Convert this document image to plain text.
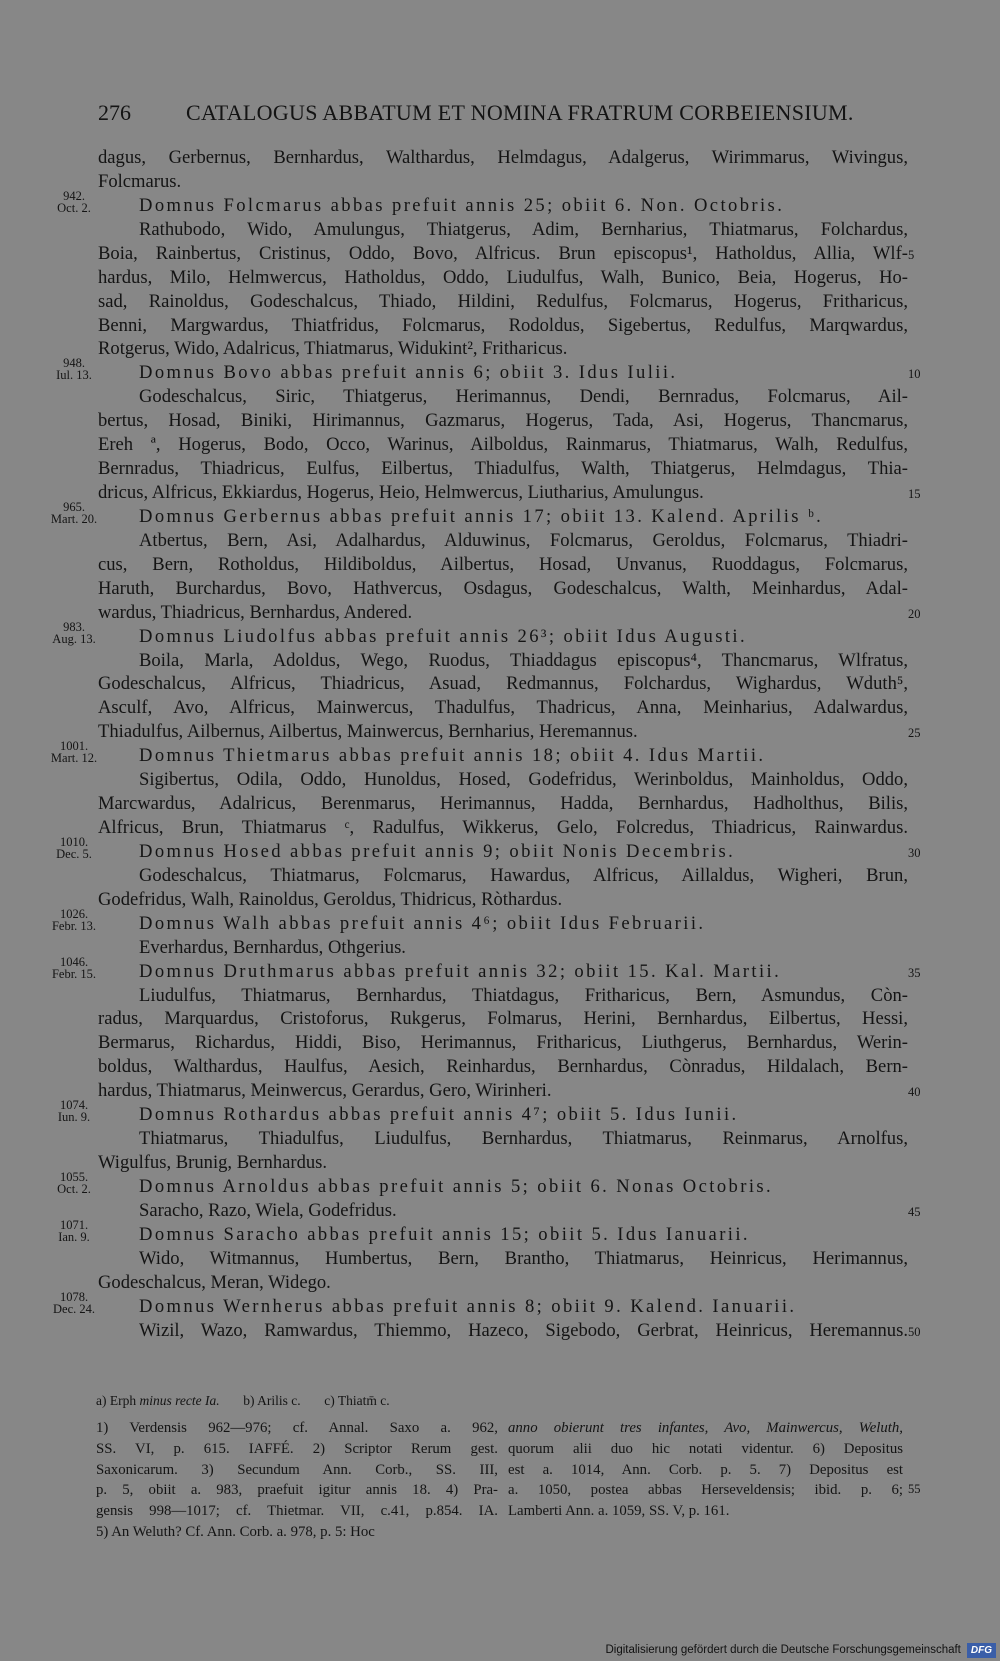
276	CATALOGUS ABBATUM ET NOMINA FRATRUM CORBEIENSIUM.
dagus, Gerbernus, Bernhardus, Walthardus, Helmdagus, Adalgerus, Wirimmarus, Wivingus,
Folcmarus.
Domnus Folcmarus abbas prefuit annis 25; obiit 6. Non. Octobris.
Rathubodo, Wido, Amulungus, Thiatgerus, Adim, Bernharius, Thiatmarus, Folchardus,
Boia, Rainbertus, Cristinus, Oddo, Bovo, Alfricus. Brun episcopus¹, Hatholdus, Allia, Wlf-
hardus, Milo, Helmwercus, Hatholdus, Oddo, Liudulfus, Walh, Bunico, Beia, Hogerus, Ho-
sad, Rainoldus, Godeschalcus, Thiado, Hildini, Redulfus, Folcmarus, Hogerus, Fritharicus,
Benni, Margwardus, Thiatfridus, Folcmarus, Rodoldus, Sigebertus, Redulfus, Marqwardus,
Rotgerus, Wido, Adalricus, Thiatmarus, Widukint², Fritharicus.
Domnus Bovo abbas prefuit annis 6; obiit 3. Idus Iulii.
Godeschalcus, Siric, Thiatgerus, Herimannus, Dendi, Bernradus, Folcmarus, Ail-
bertus, Hosad, Biniki, Hirimannus, Gazmarus, Hogerus, Tada, Asi, Hogerus, Thancmarus,
Ereh ª, Hogerus, Bodo, Occo, Warinus, Ailboldus, Rainmarus, Thiatmarus, Walh, Redulfus,
Bernradus, Thiadricus, Eulfus, Eilbertus, Thiadulfus, Walth, Thiatgerus, Helmdagus, Thia-
dricus, Alfricus, Ekkiardus, Hogerus, Heio, Helmwercus, Liutharius, Amulungus.
Domnus Gerbernus abbas prefuit annis 17; obiit 13. Kalend. Aprilis ᵇ.
Atbertus, Bern, Asi, Adalhardus, Alduwinus, Folcmarus, Geroldus, Folcmarus, Thiadri-
cus, Bern, Rotholdus, Hildiboldus, Ailbertus, Hosad, Unvanus, Ruoddagus, Folcmarus,
Haruth, Burchardus, Bovo, Hathvercus, Osdagus, Godeschalcus, Walth, Meinhardus, Adal-
wardus, Thiadricus, Bernhardus, Andered.
Domnus Liudolfus abbas prefuit annis 26³; obiit Idus Augusti.
Boila, Marla, Adoldus, Wego, Ruodus, Thiaddagus episcopus⁴, Thancmarus, Wlfratus,
Godeschalcus, Alfricus, Thiadricus, Asuad, Redmannus, Folchardus, Wighardus, Wduth⁵,
Asculf, Avo, Alfricus, Mainwercus, Thadulfus, Thadricus, Anna, Meinharius, Adalwardus,
Thiadulfus, Ailbernus, Ailbertus, Mainwercus, Bernharius, Heremannus.
Domnus Thietmarus abbas prefuit annis 18; obiit 4. Idus Martii.
Sigibertus, Odila, Oddo, Hunoldus, Hosed, Godefridus, Werinboldus, Mainholdus, Oddo,
Marcwardus, Adalricus, Berenmarus, Herimannus, Hadda, Bernhardus, Hadholthus, Bilis,
Alfricus, Brun, Thiatmarus ᶜ, Radulfus, Wikkerus, Gelo, Folcredus, Thiadricus, Rainwardus.
Domnus Hosed abbas prefuit annis 9; obiit Nonis Decembris.
Godeschalcus, Thiatmarus, Folcmarus, Hawardus, Alfricus, Aillaldus, Wigheri, Brun,
Godefridus, Walh, Rainoldus, Geroldus, Thidricus, Ròthardus.
Domnus Walh abbas prefuit annis 4⁶; obiit Idus Februarii.
Everhardus, Bernhardus, Othgerius.
Domnus Druthmarus abbas prefuit annis 32; obiit 15. Kal. Martii.
Liudulfus, Thiatmarus, Bernhardus, Thiatdagus, Fritharicus, Bern, Asmundus, Còn-
radus, Marquardus, Cristoforus, Rukgerus, Folmarus, Herini, Bernhardus, Eilbertus, Hessi,
Bermarus, Richardus, Hiddi, Biso, Herimannus, Fritharicus, Liuthgerus, Bernhardus, Werin-
boldus, Walthardus, Haulfus, Aesich, Reinhardus, Bernhardus, Cònradus, Hildalach, Bern-
hardus, Thiatmarus, Meinwercus, Gerardus, Gero, Wirinheri.
Domnus Rothardus abbas prefuit annis 4⁷; obiit 5. Idus Iunii.
Thiatmarus, Thiadulfus, Liudulfus, Bernhardus, Thiatmarus, Reinmarus, Arnolfus,
Wigulfus, Brunig, Bernhardus.
Domnus Arnoldus abbas prefuit annis 5; obiit 6. Nonas Octobris.
Saracho, Razo, Wiela, Godefridus.
Domnus Saracho abbas prefuit annis 15; obiit 5. Idus Ianuarii.
Wido, Witmannus, Humbertus, Bern, Brantho, Thiatmarus, Heinricus, Herimannus,
Godeschalcus, Meran, Widego.
Domnus Wernherus abbas prefuit annis 8; obiit 9. Kalend. Ianuarii.
Wizil, Wazo, Ramwardus, Thiemmo, Hazeco, Sigebodo, Gerbrat, Heinricus, Heremannus.
942.
Oct. 2.
948.
Iul. 13.
965.
Mart. 20.
983.
Aug. 13.
1001.
Mart. 12.
1010.
Dec. 5.
1026.
Febr. 13.
1046.
Febr. 15.
1074.
Iun. 9.
1055.
Oct. 2.
1071.
Ian. 9.
1078.
Dec. 24.
5
10
15
20
25
30
35
40
45
50
a) Erph minus recte Ia. b) Arilis c. c) Thiatm̄ c.
1) Verdensis 962—976; cf. Annal. Saxo a. 962,
SS. VI, p. 615. IAFFÉ. 2) Scriptor Rerum gest.
Saxonicarum. 3) Secundum Ann. Corb., SS. III,
p. 5, obiit a. 983, praefuit igitur annis 18. 4) Pra-
gensis 998—1017; cf. Thietmar. VII, c.41, p.854. IA.
5) An Weluth? Cf. Ann. Corb. a. 978, p. 5: Hoc
anno obierunt tres infantes, Avo, Mainwercus, Weluth,
quorum alii duo hic notati videntur. 6) Depositus
est a. 1014, Ann. Corb. p. 5. 7) Depositus est
a. 1050, postea abbas Herseveldensis; ibid. p. 6;
Lamberti Ann. a. 1059, SS. V, p. 161.
55
Digitalisierung gefördert durch die Deutsche Forschungsgemeinschaft	DFG
